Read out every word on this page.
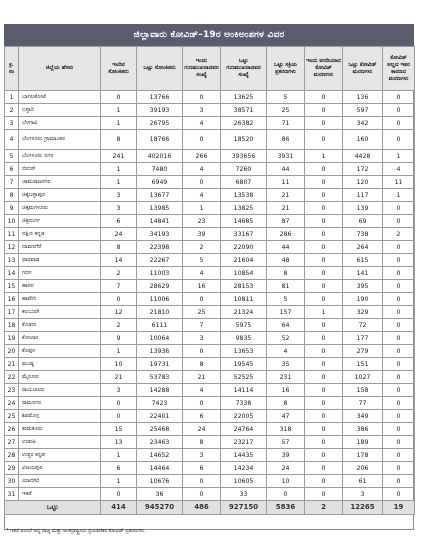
ಜಿಲ್ಲಾವಾರು ಕೋವಿಡ್–19ರ ಅಂಕಿಅಂಶಗಳ ವಿವರ
ಕ್ರ. ಸಂ	ಜಿಲ್ಲೆಯ ಹೆಸರು	ಇಂದಿನ ಸೋಂಕಿತರು	ಒಟ್ಟು ಸೋಂಕಿತರು	ಇಂದು ಗುಣಮುಖರಾದವರ ಸಂಖ್ಯೆ	ಒಟ್ಟು ಗುಣಮುಖರಾದವರ ಸಂಖ್ಯೆ	ಒಟ್ಟು ಸಕ್ರಿಯ ಪ್ರಕರಣಗಳು	ಇಂದು ವರದಿಯಾದ ಕೋವಿಡ್ ಮರಣಗಳು	ಒಟ್ಟು ಕೋವಿಡ್ ಮರಣಗಳು	ಕೋವಿಡ್ ಅಲ್ಲದ ಇತರ ಕಾರಣದ ಮರಣಗಳು
1	ಬಾಗಲಕೋಟೆ	0	13766	0	13625	5	0	136	0
2	ಬಳ್ಳಾರಿ	1	39193	3	38571	25	0	597	0
3	ಬೆಳಗಾವಿ	1	26795	4	26382	71	0	342	0
4	ಬೆಂಗಳೂರು ಗ್ರಾಮಾಂತರ	8	18766	0	18520	86	0	160	0
5	ಬೆಂಗಳೂರು ನಗರ	241	402016	266	393656	3931	1	4428	1
6	ಬೀದರ್	1	7480	4	7260	44	0	172	4
7	ಚಾಮರಾಜನಗರ	1	6949	0	6807	11	0	120	11
8	ಚಿಕ್ಕಬಳ್ಳಾಪುರ	3	13677	4	13538	21	0	117	1
9	ಚಿಕ್ಕಮಗಳೂರು	3	13985	1	13825	21	0	139	0
10	ಚಿತ್ರದುರ್ಗ	6	14841	23	14685	87	0	69	0
11	ದಕ್ಷಿಣ ಕನ್ನಡ	24	34193	39	33167	286	0	738	2
12	ದಾವಣಗೆರೆ	8	22398	2	22090	44	0	264	0
13	ಧಾರವಾಡ	14	22267	5	21604	48	0	615	0
14	ಗದಗ	2	11003	4	10854	8	0	141	0
15	ಹಾಸನ	7	28629	16	28153	81	0	395	0
16	ಹಾವೇರಿ	0	11006	0	10811	5	0	190	0
17	ಕಲಬುರಗಿ	12	21810	25	21324	157	1	329	0
18	ಕೊಡಗು	2	6111	7	5975	64	0	72	0
19	ಕೋಲಾರ	9	10064	3	9835	52	0	177	0
20	ಕೊಪ್ಪಳ	1	13936	0	13653	4	0	279	0
21	ಮಂಡ್ಯ	10	19731	8	19545	35	0	151	0
22	ಮೈಸೂರು	21	53783	21	52525	231	0	1027	0
23	ರಾಯಚೂರು	3	14288	4	14114	16	0	158	0
24	ರಾಮನಗರ	0	7423	0	7338	8	0	77	0
25	ಶಿವಮೊಗ್ಗ	0	22401	6	22005	47	0	349	0
26	ತುಮಕೂರು	15	25468	24	24764	318	0	386	0
27	ಉಡುಪಿ	13	23463	8	23217	57	0	189	0
28	ಉತ್ತರ ಕನ್ನಡ	1	14652	3	14435	39	0	178	0
29	ವಿಜಯಪುರ	6	14464	6	14234	24	0	206	0
30	ಯಾದಗಿರಿ	1	10676	0	10605	10	0	61	0
31	ಇತರೆ	0	36	0	33	0	0	3	0
ಒಟ್ಟು		414	945270	486	927150	5836	2	12265	19
* ಇತರೆ ಅಂದರೆ ಅನ್ಯ ರಾಜ್ಯ ಮತ್ತು ಅಂತರ್ರಾಷ್ಟ್ರೀಯ ಪ್ರಯಾಣಿಕರ ಕೋವಿಡ್ ಪ್ರಕರಣಗಳು.
